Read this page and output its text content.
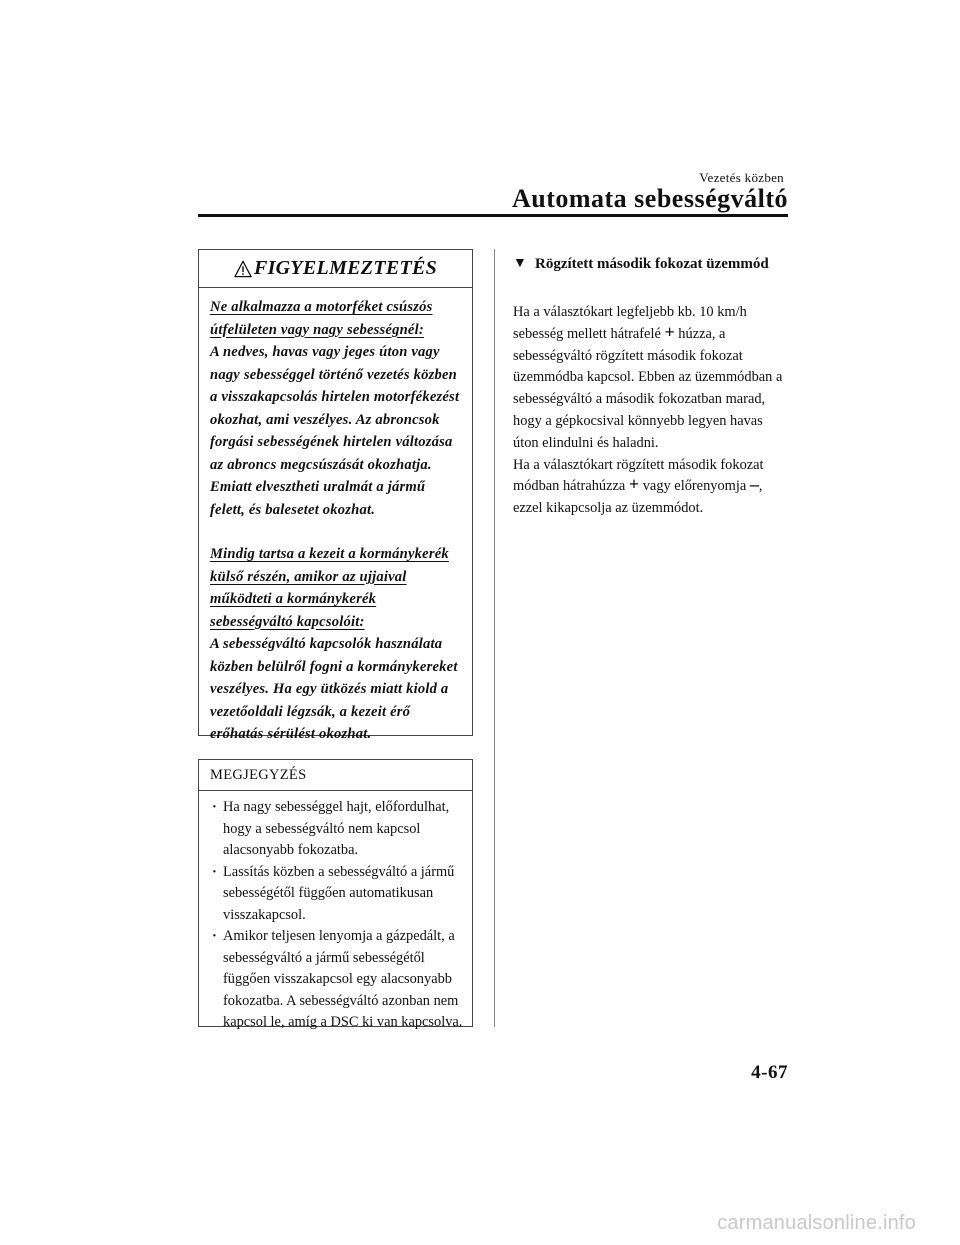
Vezetés közben
Automata sebességváltó
FIGYELMEZTETÉS

Ne alkalmazza a motorféket csúszós útfelületen vagy nagy sebességnél:

A nedves, havas vagy jeges úton vagy nagy sebességgel történő vezetés közben a visszakapcsolás hirtelen motorfékezést okozhat, ami veszélyes. Az abroncsok forgási sebességének hirtelen változása az abroncs megcsúszását okozhatja. Emiatt elvesztheti uralmát a jármű felett, és balesetet okozhat.

Mindig tartsa a kezeit a kormánykerék külső részén, amikor az ujjaival működteti a kormánykerék sebességváltó kapcsolóit:

A sebességváltó kapcsolók használata közben belülről fogni a kormánykereket veszélyes. Ha egy ütközés miatt kiold a vezetőoldali légzsák, a kezeit érő erőhatás sérülést okozhat.

MEGJEGYZÉS
· Ha nagy sebességgel hajt, előfordulhat, hogy a sebességváltó nem kapcsol alacsonyabb fokozatba.
· Lassítás közben a sebességváltó a jármű sebességétől függően automatikusan visszakapcsol.
· Amikor teljesen lenyomja a gázpedált, a sebességváltó a jármű sebességétől függően visszakapcsol egy alacsonyabb fokozatba. A sebességváltó azonban nem kapcsol le, amíg a DSC ki van kapcsolva.
▼ Rögzített második fokozat üzemmód

Ha a választókart legfeljebb kb. 10 km/h sebesség mellett hátrafelé + húzza, a sebességváltó rögzített második fokozat üzemmódba kapcsol. Ebben az üzemmódban a sebességváltó a második fokozatban marad, hogy a gépkocsival könnyebb legyen havas úton elindulni és haladni.

Ha a választókart rögzített második fokozat módban hátrahúzza + vagy előrenyomja –, ezzel kikapcsolja az üzemmódot.

4-67
carmanualsonline.info
